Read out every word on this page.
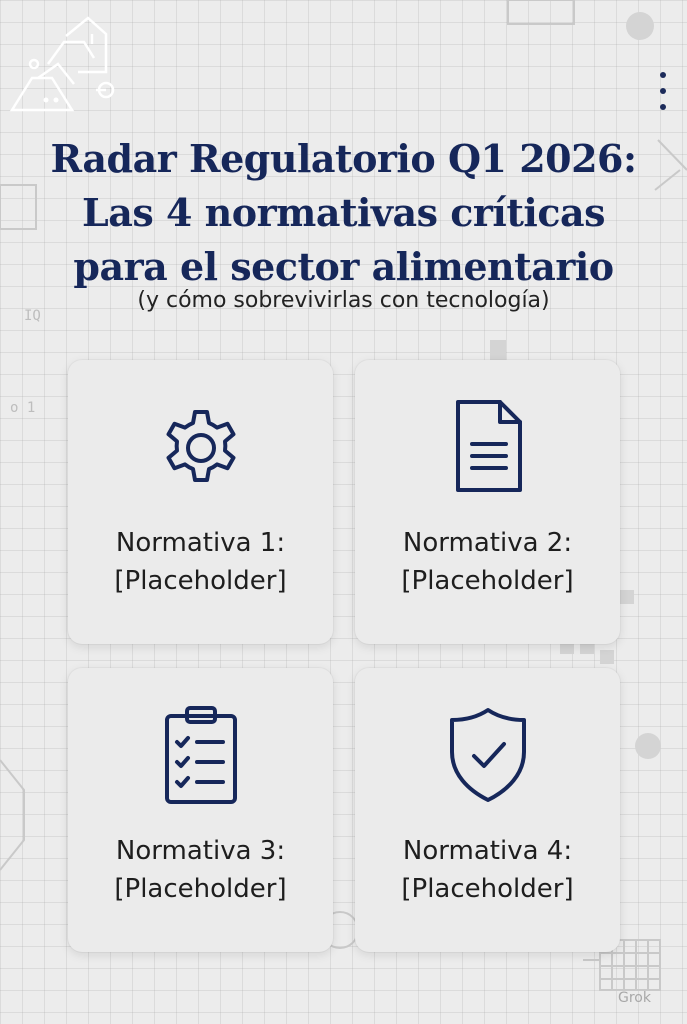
IQ
o 1
Radar Regulatorio Q1 2026:
Las 4 normativas críticas
para el sector alimentario

(y cómo sobrevivirlas con tecnología)

Normativa 1:
[Placeholder]
Normativa 2:
[Placeholder]
Normativa 3:
[Placeholder]
Normativa 4:
[Placeholder]
Grok
